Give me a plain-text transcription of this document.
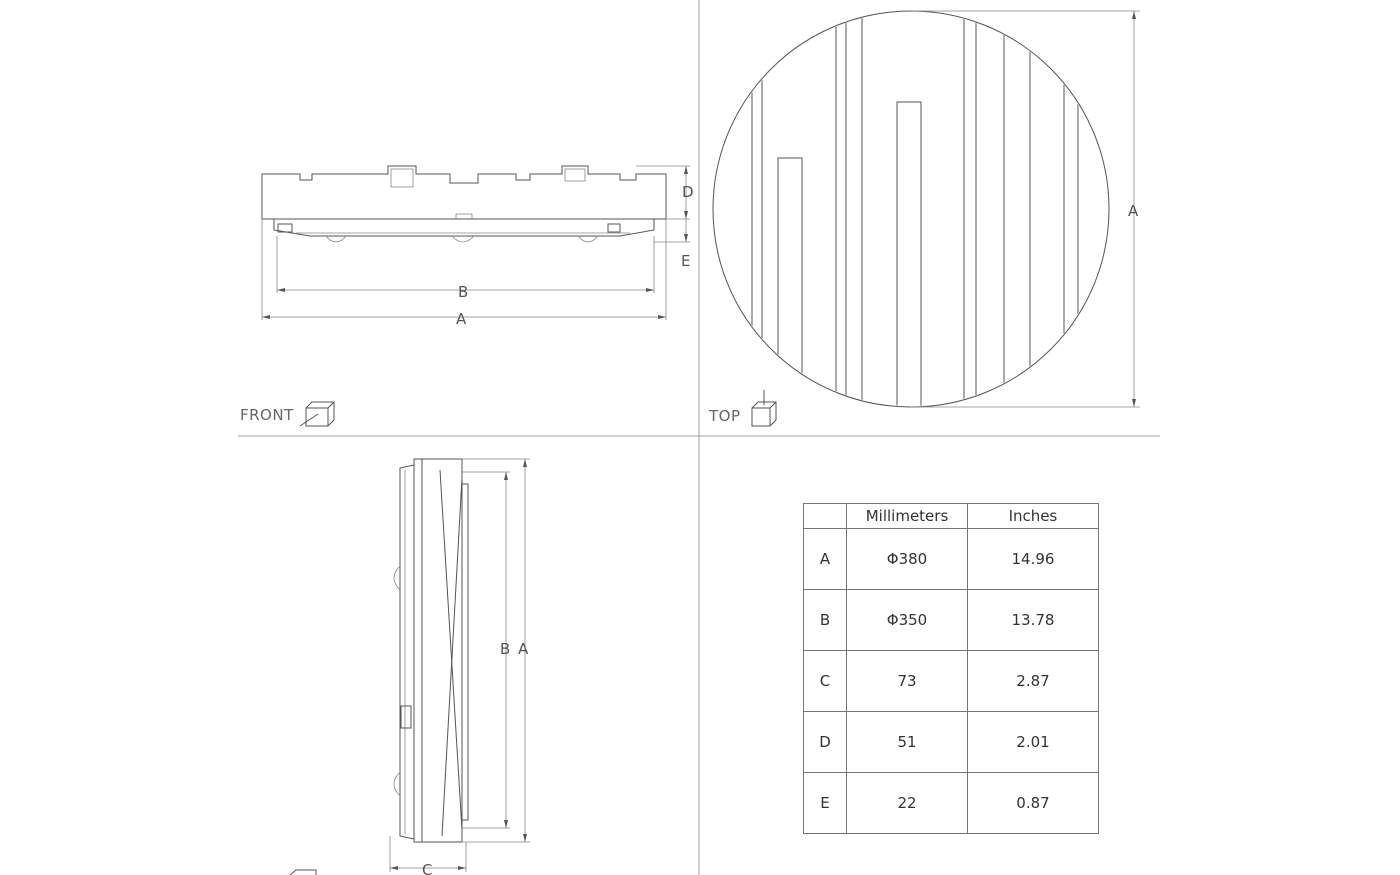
D
E
B
A
FRONT
A
TOP
B A
C
	Millimeters	Inches
A	Φ380	14.96
B	Φ350	13.78
C	73	2.87
D	51	2.01
E	22	0.87
